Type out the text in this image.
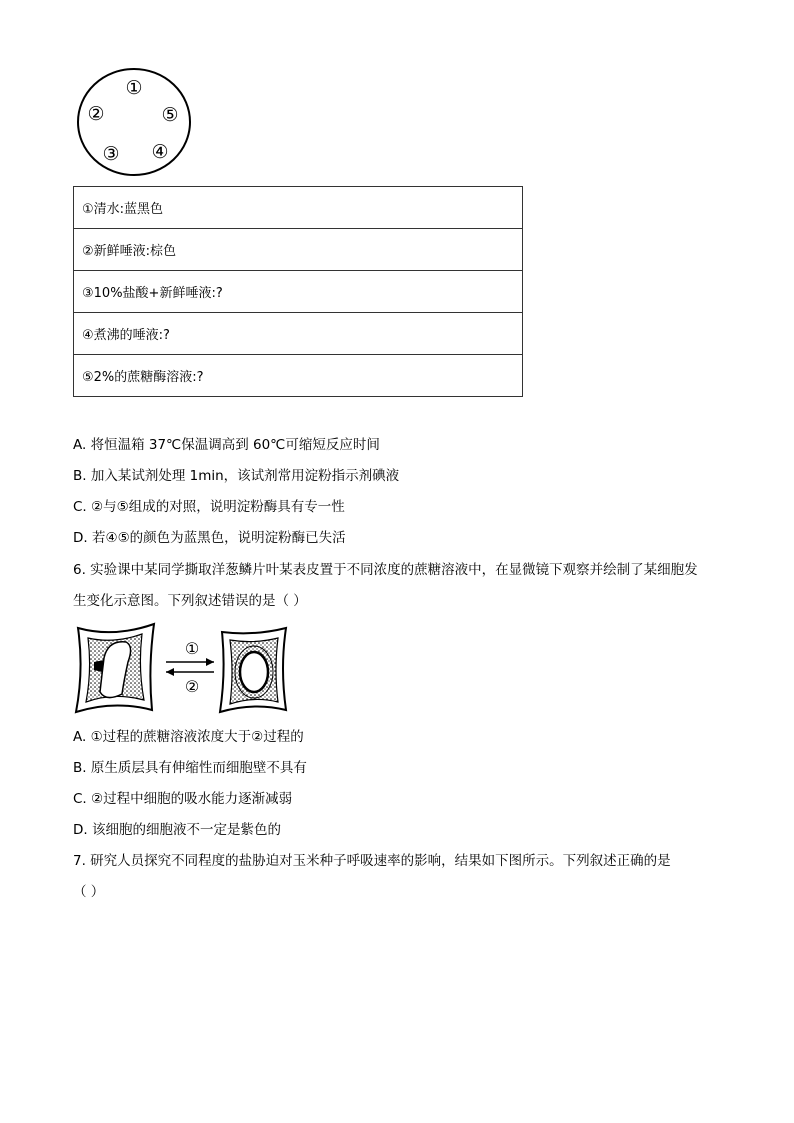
①
②	⑤
③ ④
①清水:蓝黑色
②新鲜唾液:棕色
③10%盐酸+新鲜唾液:?
④煮沸的唾液:?
⑤2%的蔗糖酶溶液:?
A. 将恒温箱 37℃保温调高到 60℃可缩短反应时间
B. 加入某试剂处理 1min，该试剂常用淀粉指示剂碘液
C. ②与⑤组成的对照，说明淀粉酶具有专一性
D. 若④⑤的颜色为蓝黑色，说明淀粉酶已失活
6. 实验课中某同学撕取洋葱鳞片叶某表皮置于不同浓度的蔗糖溶液中，在显微镜下观察并绘制了某细胞发
生变化示意图。下列叙述错误的是（ ）
①
②
A. ①过程的蔗糖溶液浓度大于②过程的
B. 原生质层具有伸缩性而细胞壁不具有
C. ②过程中细胞的吸水能力逐渐减弱
D. 该细胞的细胞液不一定是紫色的
7. 研究人员探究不同程度的盐胁迫对玉米种子呼吸速率的影响，结果如下图所示。下列叙述正确的是
（ ）
